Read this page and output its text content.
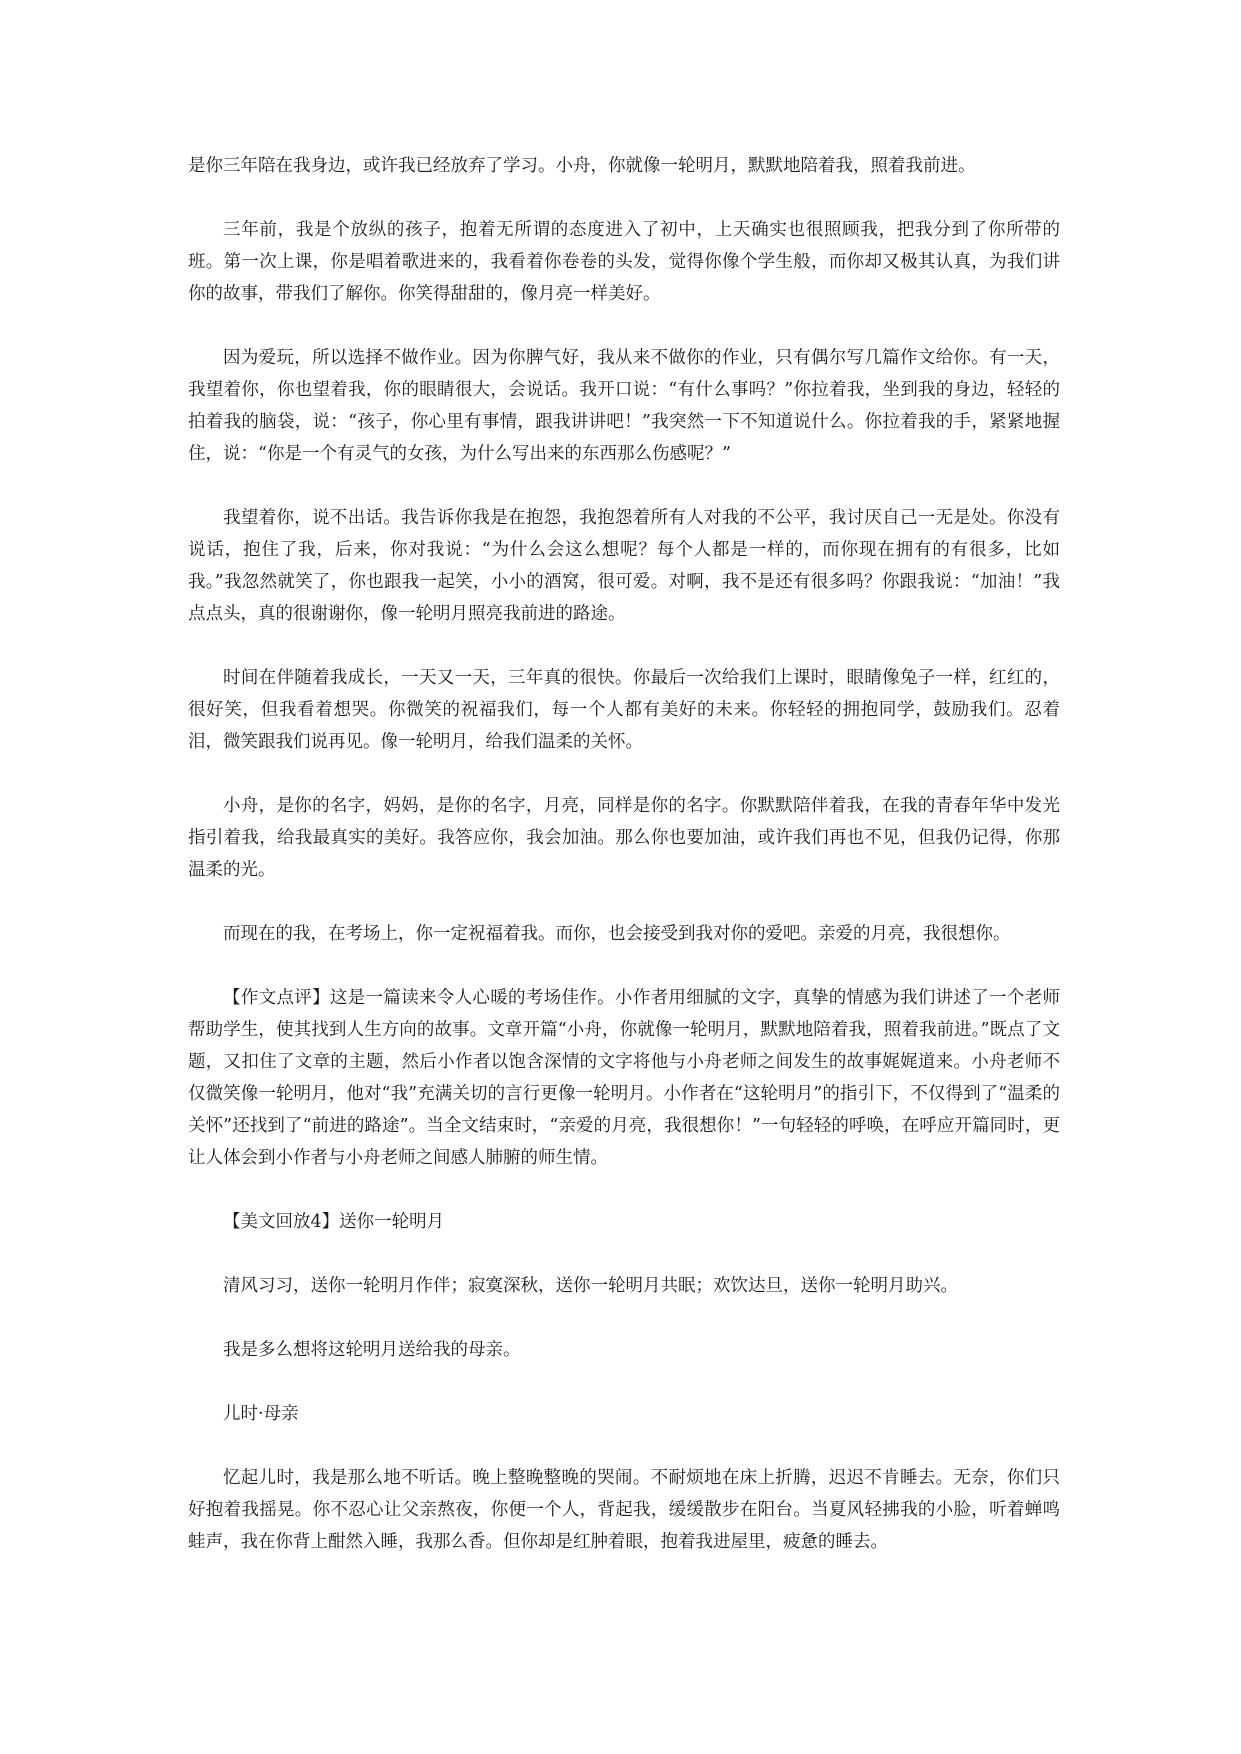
是你三年陪在我身边，或许我已经放弃了学习。小舟，你就像一轮明月，默默地陪着我，照着我前进。

三年前，我是个放纵的孩子，抱着无所谓的态度进入了初中，上天确实也很照顾我，把我分到了你所带的班。第一次上课，你是唱着歌进来的，我看着你卷卷的头发，觉得你像个学生般，而你却又极其认真，为我们讲你的故事，带我们了解你。你笑得甜甜的，像月亮一样美好。

因为爱玩，所以选择不做作业。因为你脾气好，我从来不做你的作业，只有偶尔写几篇作文给你。有一天，我望着你，你也望着我，你的眼睛很大，会说话。我开口说：“有什么事吗？”你拉着我，坐到我的身边，轻轻的拍着我的脑袋，说：“孩子，你心里有事情，跟我讲讲吧！”我突然一下不知道说什么。你拉着我的手，紧紧地握住，说：“你是一个有灵气的女孩，为什么写出来的东西那么伤感呢？”

我望着你，说不出话。我告诉你我是在抱怨，我抱怨着所有人对我的不公平，我讨厌自己一无是处。你没有说话，抱住了我，后来，你对我说：“为什么会这么想呢？每个人都是一样的，而你现在拥有的有很多，比如我。”我忽然就笑了，你也跟我一起笑，小小的酒窝，很可爱。对啊，我不是还有很多吗？你跟我说：“加油！”我点点头，真的很谢谢你，像一轮明月照亮我前进的路途。

时间在伴随着我成长，一天又一天，三年真的很快。你最后一次给我们上课时，眼睛像兔子一样，红红的，很好笑，但我看着想哭。你微笑的祝福我们，每一个人都有美好的未来。你轻轻的拥抱同学，鼓励我们。忍着泪，微笑跟我们说再见。像一轮明月，给我们温柔的关怀。

小舟，是你的名字，妈妈，是你的名字，月亮，同样是你的名字。你默默陪伴着我，在我的青春年华中发光指引着我，给我最真实的美好。我答应你，我会加油。那么你也要加油，或许我们再也不见，但我仍记得，你那温柔的光。

而现在的我，在考场上，你一定祝福着我。而你，也会接受到我对你的爱吧。亲爱的月亮，我很想你。

【作文点评】这是一篇读来令人心暖的考场佳作。小作者用细腻的文字，真挚的情感为我们讲述了一个老师帮助学生，使其找到人生方向的故事。文章开篇“小舟，你就像一轮明月，默默地陪着我，照着我前进。”既点了文题，又扣住了文章的主题，然后小作者以饱含深情的文字将他与小舟老师之间发生的故事娓娓道来。小舟老师不仅微笑像一轮明月，他对“我”充满关切的言行更像一轮明月。小作者在“这轮明月”的指引下，不仅得到了“温柔的关怀”还找到了“前进的路途”。当全文结束时，“亲爱的月亮，我很想你！”一句轻轻的呼唤，在呼应开篇同时，更让人体会到小作者与小舟老师之间感人肺腑的师生情。

【美文回放4】送你一轮明月

清风习习，送你一轮明月作伴；寂寞深秋，送你一轮明月共眠；欢饮达旦，送你一轮明月助兴。

我是多么想将这轮明月送给我的母亲。

儿时·母亲

忆起儿时，我是那么地不听话。晚上整晚整晚的哭闹。不耐烦地在床上折腾，迟迟不肯睡去。无奈，你们只好抱着我摇晃。你不忍心让父亲熬夜，你便一个人，背起我，缓缓散步在阳台。当夏风轻拂我的小脸，听着蝉鸣蛙声，我在你背上酣然入睡，我那么香。但你却是红肿着眼，抱着我进屋里，疲惫的睡去。
